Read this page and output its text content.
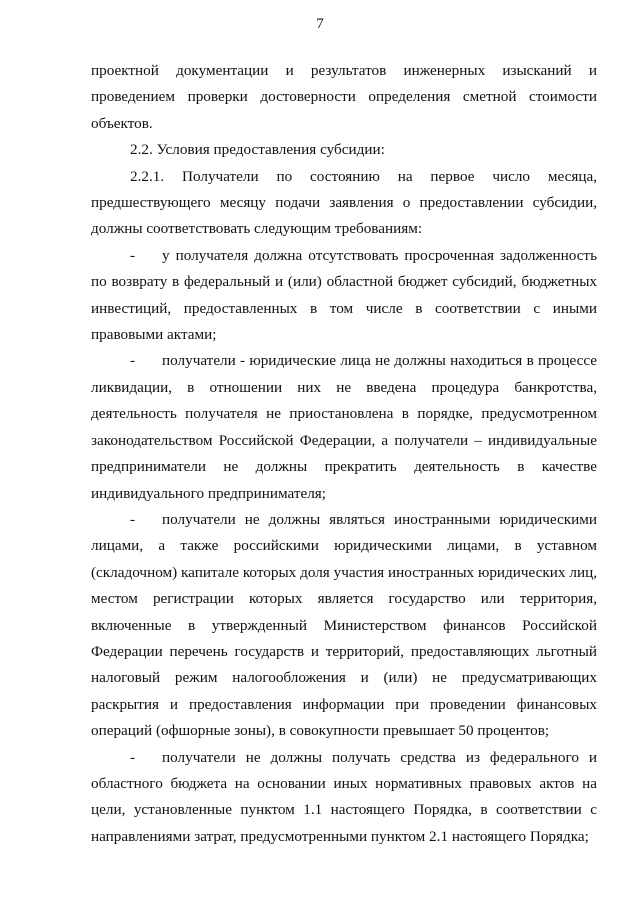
7

проектной документации и результатов инженерных изысканий и проведением проверки достоверности определения сметной стоимости объектов.

2.2. Условия предоставления субсидии:

2.2.1. Получатели по состоянию на первое число месяца, предшествующего месяцу подачи заявления о предоставлении субсидии, должны соответствовать следующим требованиям:

- у получателя должна отсутствовать просроченная задолженность по возврату в федеральный и (или) областной бюджет субсидий, бюджетных инвестиций, предоставленных в том числе в соответствии с иными правовыми актами;

- получатели - юридические лица не должны находиться в процессе ликвидации, в отношении них не введена процедура банкротства, деятельность получателя не приостановлена в порядке, предусмотренном законодательством Российской Федерации, а получатели – индивидуальные предприниматели не должны прекратить деятельность в качестве индивидуального предпринимателя;

- получатели не должны являться иностранными юридическими лицами, а также российскими юридическими лицами, в уставном (складочном) капитале которых доля участия иностранных юридических лиц, местом регистрации которых является государство или территория, включенные в утвержденный Министерством финансов Российской Федерации перечень государств и территорий, предоставляющих льготный налоговый режим налогообложения и (или) не предусматривающих раскрытия и предоставления информации при проведении финансовых операций (офшорные зоны), в совокупности превышает 50 процентов;

- получатели не должны получать средства из федерального и областного бюджета на основании иных нормативных правовых актов на цели, установленные пунктом 1.1 настоящего Порядка, в соответствии с направлениями затрат, предусмотренными пунктом 2.1 настоящего Порядка;
